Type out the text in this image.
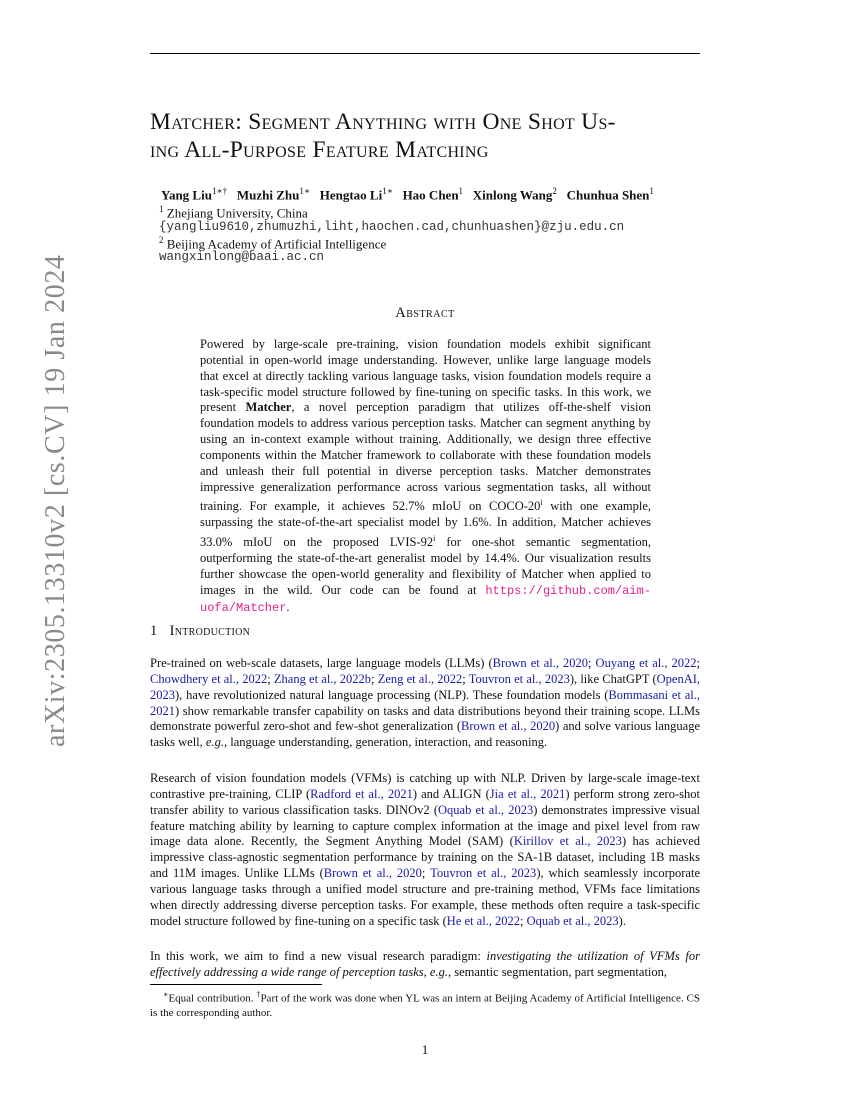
arXiv:2305.13310v2 [cs.CV] 19 Jan 2024
Matcher: Segment Anything with One Shot Us-
ing All-Purpose Feature Matching
Yang Liu$^{1∗\dagger}$ Muzhi Zhu$^{1∗}$ Hengtao $Li^{1∗}$ Hao Chen$^1$ Xinlong Wang$^2$ Chunhua Shen$^1$
$^1$ Zhejiang University, China
{yangliu9610,zhumuzhi,liht,haochen.cad,chunhuashen}@zju.edu.cn
$^2$ Beijing Academy of Artificial Intelligence
wangxinlong@baai.ac.cn
Abstract
Powered by large-scale pre-training, vision foundation models exhibit significant potential in open-world image understanding. However, unlike large language models that excel at directly tackling various language tasks, vision foundation models require a task-specific model structure followed by fine-tuning on specific tasks. In this work, we present Matcher, a novel perception paradigm that utilizes off-the-shelf vision foundation models to address various perception tasks. Matcher can segment anything by using an in-context example without training. Additionally, we design three effective components within the Matcher framework to collaborate with these foundation models and unleash their full potential in diverse perception tasks. Matcher demonstrates impressive generalization performance across various segmentation tasks, all without training. For example, it achieves 52.7% mIoU on COCO-20$^i$ with one example, surpassing the state-of-the-art specialist model by 1.6%. In addition, Matcher achieves 33.0% mIoU on the proposed LVIS-92$^i$ for one-shot semantic segmentation, outperforming the state-of-the-art generalist model by 14.4%. Our visualization results further showcase the open-world generality and flexibility of Matcher when applied to images in the wild. Our code can be found at https://github.com/aim-uofa/Matcher.
1 Introduction
Pre-trained on web-scale datasets, large language models (LLMs) (Brown et al., 2020; Ouyang et al., 2022; Chowdhery et al., 2022; Zhang et al., 2022b; Zeng et al., 2022; Touvron et al., 2023), like ChatGPT (OpenAI, 2023), have revolutionized natural language processing (NLP). These foundation models (Bommasani et al., 2021) show remarkable transfer capability on tasks and data distributions beyond their training scope. LLMs demonstrate powerful zero-shot and few-shot generalization (Brown et al., 2020) and solve various language tasks well, e.g., language understanding, generation, interaction, and reasoning.
Research of vision foundation models (VFMs) is catching up with NLP. Driven by large-scale image-text contrastive pre-training, CLIP (Radford et al., 2021) and ALIGN (Jia et al., 2021) perform strong zero-shot transfer ability to various classification tasks. DINOv2 (Oquab et al., 2023) demonstrates impressive visual feature matching ability by learning to capture complex information at the image and pixel level from raw image data alone. Recently, the Segment Anything Model (SAM) (Kirillov et al., 2023) has achieved impressive class-agnostic segmentation performance by training on the SA-1B dataset, including 1B masks and 11M images. Unlike LLMs (Brown et al., 2020; Touvron et al., 2023), which seamlessly incorporate various language tasks through a unified model structure and pre-training method, VFMs face limitations when directly addressing diverse perception tasks. For example, these methods often require a task-specific model structure followed by fine-tuning on a specific task (He et al., 2022; Oquab et al., 2023).
In this work, we aim to find a new visual research paradigm: investigating the utilization of VFMs for effectively addressing a wide range of perception tasks, e.g., semantic segmentation, part segmentation,
∗Equal contribution. †Part of the work was done when YL was an intern at Beijing Academy of Artificial Intelligence. CS is the corresponding author.
1
